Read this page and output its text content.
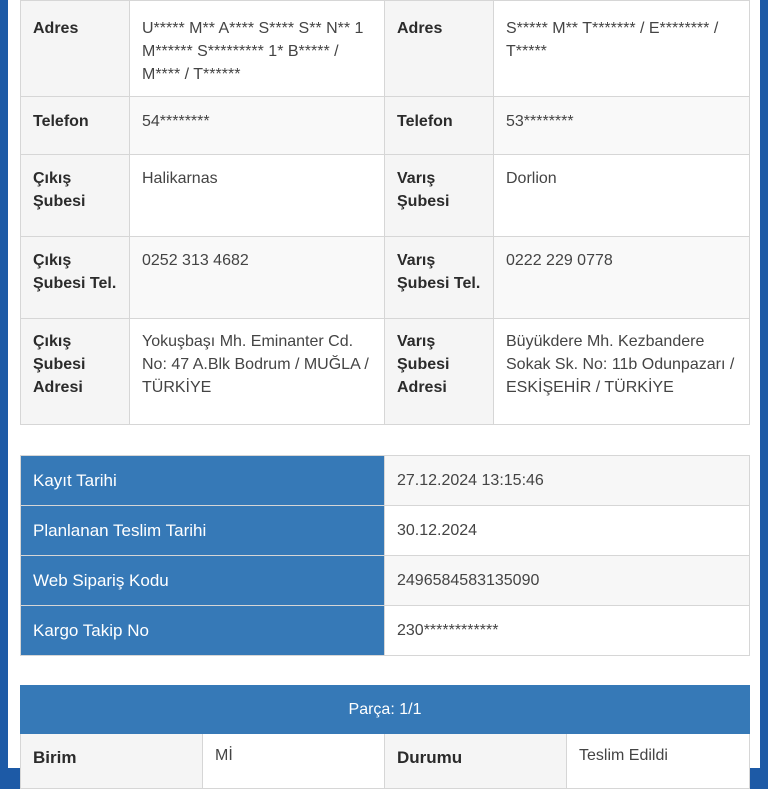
Adres	U***** M** A**** S**** S** N** 1 M****** S********* 1* B***** / M**** / T******	Adres	S***** M** T******* / E******** / T*****
Telefon	54********	Telefon	53********
Çıkış Şubesi	Halikarnas	Varış Şubesi	Dorlion
Çıkış Şubesi Tel.	0252 313 4682	Varış Şubesi Tel.	0222 229 0778
Çıkış Şubesi Adresi	Yokuşbaşı Mh. Eminanter Cd. No: 47 A.Blk Bodrum / MUĞLA / TÜRKİYE	Varış Şubesi Adresi	Büyükdere Mh. Kezbandere Sokak Sk. No: 11b Odunpazarı / ESKİŞEHİR / TÜRKİYE
Kayıt Tarihi	27.12.2024 13:15:46
Planlanan Teslim Tarihi	30.12.2024
Web Sipariş Kodu	2496584583135090
Kargo Takip No	230************
Parça: 1/1
Birim	Mİ	Durumu	Teslim Edildi
